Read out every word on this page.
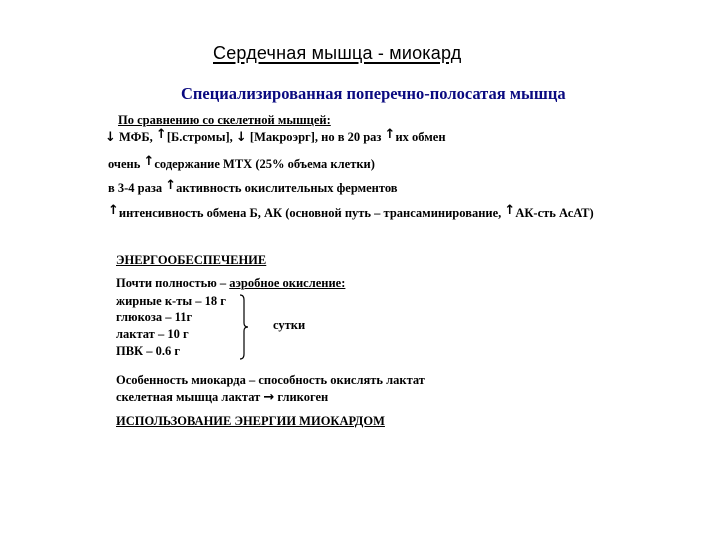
Сердечная мышца - миокард
Специализированная поперечно-полосатая мышца
По сравнению со скелетной мышцей:
↓ МФБ, ↑[Б.стромы], ↓ [Макроэрг], но в 20 раз ↑их обмен
очень ↑содержание МТХ (25% объема клетки)
в 3-4 раза ↑активность окислительных ферментов
↑интенсивность обмена Б, АК (основной путь – трансаминирование, ↑АК-сть АсАТ)
ЭНЕРГООБЕСПЕЧЕНИЕ
Почти полностью – аэробное окисление:
жирные к-ты – 18 г
глюкоза – 11г
лактат – 10 г
ПВК – 0.6 г
сутки
Особенность миокарда – способность окислять лактат
скелетная мышца лактат → гликоген
ИСПОЛЬЗОВАНИЕ ЭНЕРГИИ МИОКАРДОМ
